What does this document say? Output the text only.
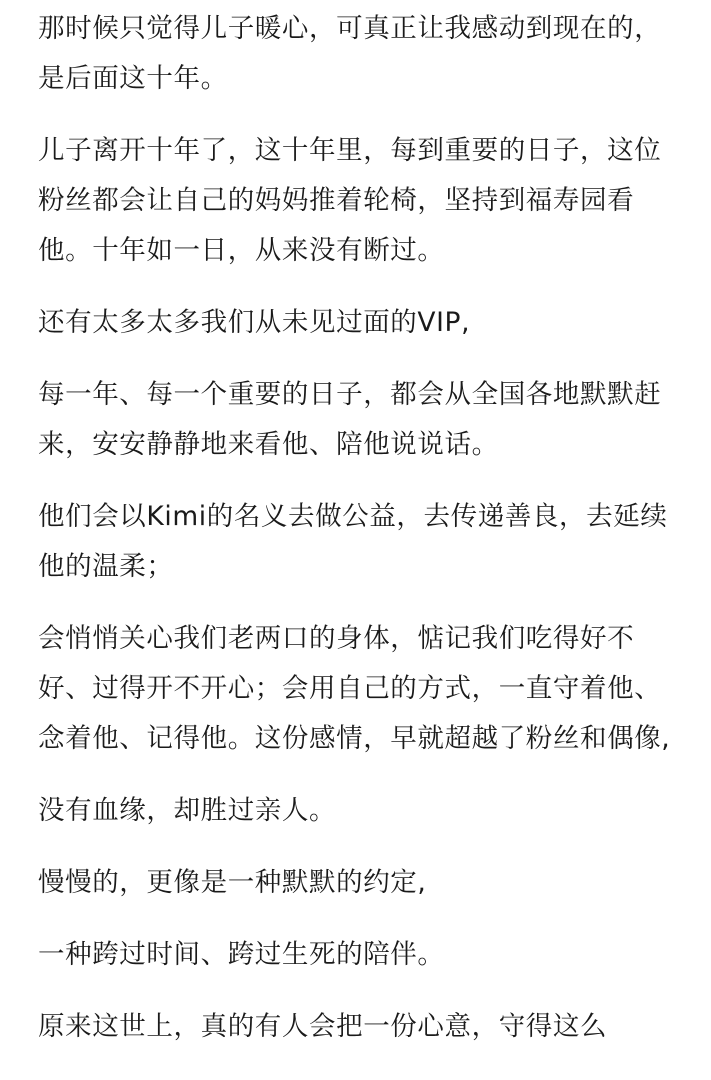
那时候只觉得儿子暖心，可真正让我感动到现在的，是后面这十年。

儿子离开十年了，这十年里，每到重要的日子，这位粉丝都会让自己的妈妈推着轮椅，坚持到福寿园看他。十年如一日，从来没有断过。

还有太多太多我们从未见过面的VIP,

每一年、每一个重要的日子，都会从全国各地默默赶来，安安静静地来看他、陪他说说话。

他们会以Kimi的名义去做公益，去传递善良，去延续他的温柔；

会悄悄关心我们老两口的身体，惦记我们吃得好不好、过得开不开心；会用自己的方式，一直守着他、念着他、记得他。这份感情，早就超越了粉丝和偶像,

没有血缘，却胜过亲人。

慢慢的，更像是一种默默的约定,

一种跨过时间、跨过生死的陪伴。

原来这世上，真的有人会把一份心意，守得这么
